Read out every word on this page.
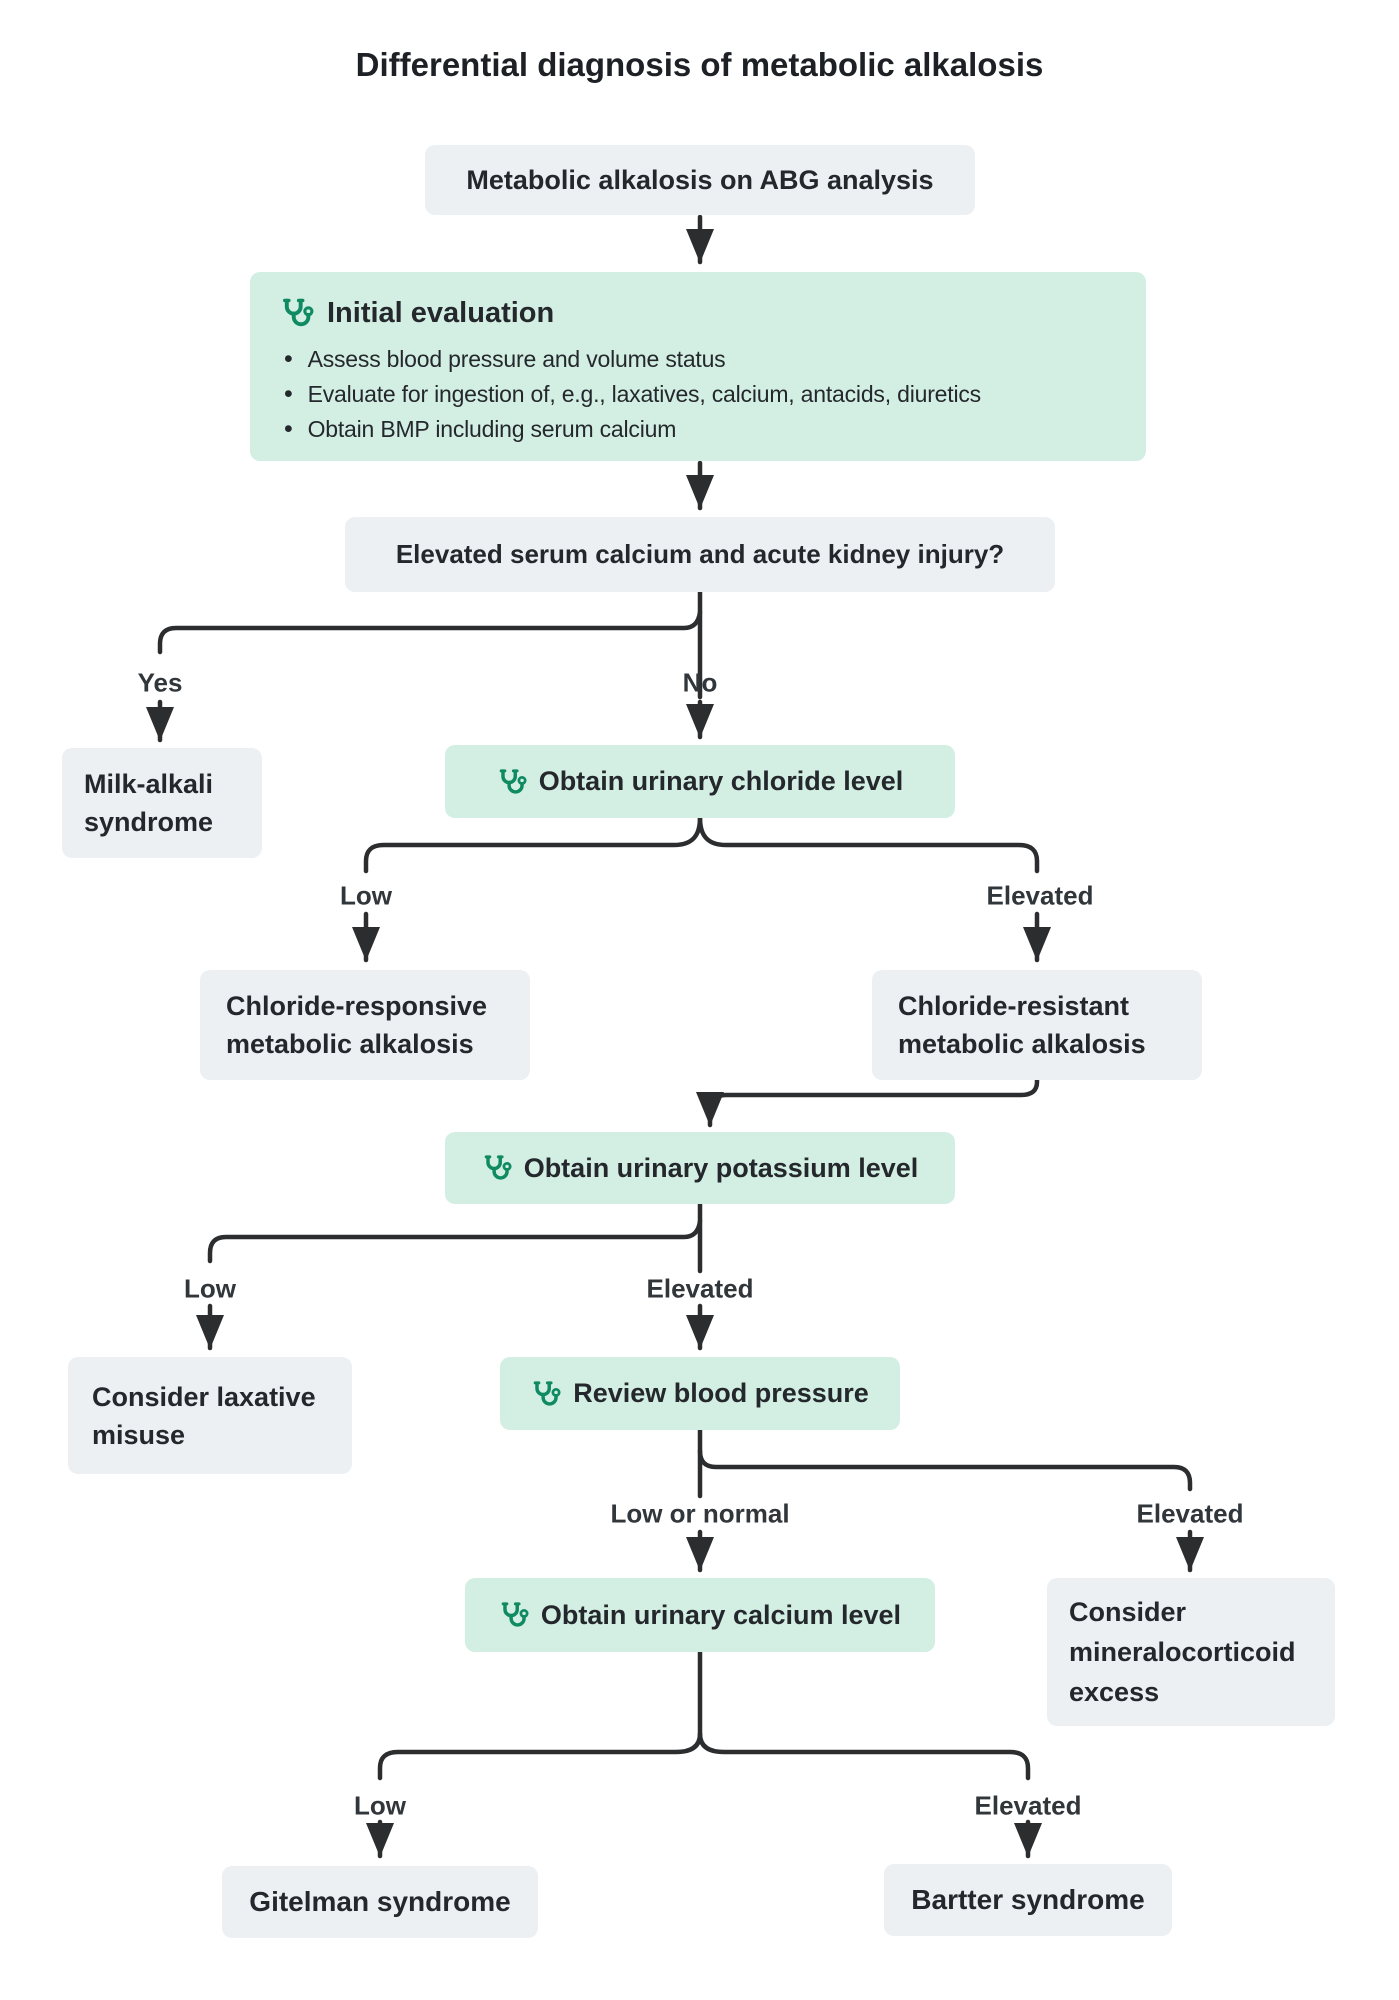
Differential diagnosis of metabolic alkalosis
Metabolic alkalosis on ABG analysis
Initial evaluation
• Assess blood pressure and volume status
• Evaluate for ingestion of, e.g., laxatives, calcium, antacids, diuretics
• Obtain BMP including serum calcium
Elevated serum calcium and acute kidney injury?
Milk-alkali syndrome
Obtain urinary chloride level
Chloride-responsive metabolic alkalosis
Chloride-resistant metabolic alkalosis
Obtain urinary potassium level
Consider laxative misuse
Review blood pressure
Obtain urinary calcium level	Consider mineralocorticoid excess
Gitelman syndrome	Bartter syndrome
Yes	No
Low	Elevated
Low	Elevated
Low or normal	Elevated
Low	Elevated
